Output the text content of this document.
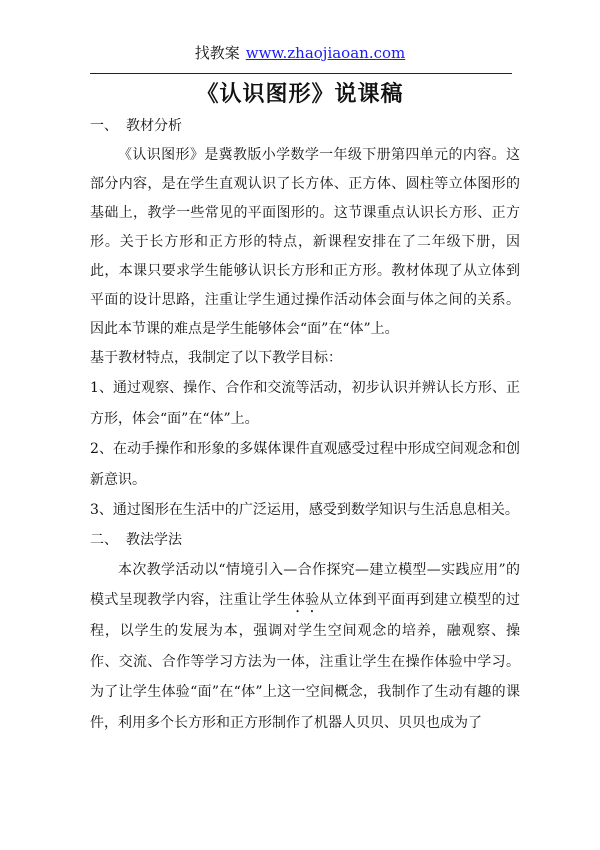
找教案 www.zhaojiaoan.com
《认识图形》说课稿

一、 教材分析

《认识图形》是冀教版小学数学一年级下册第四单元的内容。这部分内容，是在学生直观认识了长方体、正方体、圆柱等立体图形的基础上，教学一些常见的平面图形的。这节课重点认识长方形、正方形。关于长方形和正方形的特点，新课程安排在了二年级下册，因此，本课只要求学生能够认识长方形和正方形。教材体现了从立体到平面的设计思路，注重让学生通过操作活动体会面与体之间的关系。因此本节课的难点是学生能够体会“面”在“体”上。

基于教材特点，我制定了以下教学目标：

1、通过观察、操作、合作和交流等活动，初步认识并辨认长方形、正方形，体会“面”在“体”上。

2、在动手操作和形象的多媒体课件直观感受过程中形成空间观念和创新意识。

3、通过图形在生活中的广泛运用，感受到数学知识与生活息息相关。

二、 教法学法

本次教学活动以“情境引入—合作探究—建立模型—实践应用”的模式呈现教学内容，注重让学生体验从立体到平面再到建立模型的过程，以学生的发展为本，强调对学生空间观念的培养，融观察、操作、交流、合作等学习方法为一体，注重让学生在操作体验中学习。为了让学生体验“面”在“体”上这一空间概念，我制作了生动有趣的课件，利用多个长方形和正方形制作了机器人贝贝、贝贝也成为了
